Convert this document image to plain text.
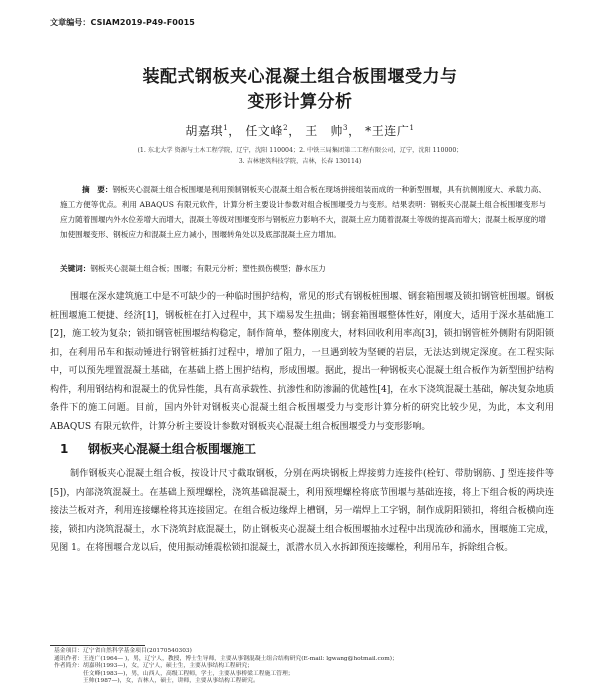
文章编号：CSIAM2019-P49-F0015
装配式钢板夹心混凝土组合板围堰受力与
变形计算分析
胡嘉琪$^1$， 任文峰$^2$， 王　帅$^3$， *王连广$^1$
(1. 东北大学 资源与土木工程学院，辽宁，沈阳 110004；2. 中铁三局集团第二工程有限公司，辽宁，沈阳 110000；
3. 吉林建筑科技学院，吉林，长春 130114)
摘　要：钢板夹心混凝土组合板围堰是利用预制钢板夹心混凝土组合板在现场拼接组装而成的一种新型围堰，具有抗侧刚度大、承载力高、施工方便等优点。利用 ABAQUS 有限元软件，计算分析主要设计参数对组合板围堰受力与变形。结果表明：钢板夹心混凝土组合板围堰变形与应力随着围堰内外水位差增大而增大，混凝土等级对围堰变形与钢板应力影响不大，混凝土应力随着混凝土等级的提高而增大；混凝土板厚度的增加使围堰变形、钢板应力和混凝土应力减小，围堰转角处以及底部混凝土应力增加。
关键词：钢板夹心混凝土组合板；围堰；有限元分析；塑性损伤模型；静水压力
围堰在深水建筑施工中是不可缺少的一种临时围护结构，常见的形式有钢板桩围堰、钢套箱围堰及锁扣钢管桩围堰。钢板桩围堰施工便捷、经济[1]，钢板桩在打入过程中，其下端易发生扭曲；钢套箱围堰整体性好，刚度大，适用于深水基础施工[2]，施工较为复杂；锁扣钢管桩围堰结构稳定，制作简单，整体刚度大，材料回收利用率高[3]，锁扣钢管桩外侧附有阴阳锁扣，在利用吊车和振动锤进行钢管桩插打过程中，增加了阻力，一旦遇到较为坚硬的岩层，无法达到规定深度。在工程实际中，可以预先埋置混凝土基础，在基础上搭上围护结构，形成围堰。据此，提出一种钢板夹心混凝土组合板作为新型围护结构构件，利用钢结构和混凝土的优异性能，具有高承载性、抗渗性和防渗漏的优越性[4]，在水下浇筑混凝土基础，解决复杂地质条件下的施工问题。目前，国内外针对钢板夹心混凝土组合板围堰受力与变形计算分析的研究比较少见，为此，本文利用 ABAQUS 有限元软件，计算分析主要设计参数对钢板夹心混凝土组合板围堰受力与变形影响。
1 钢板夹心混凝土组合板围堰施工
制作钢板夹心混凝土组合板，按设计尺寸截取钢板，分别在两块钢板上焊接剪力连接件(栓钉、带肋钢筋、J 型连接件等[5])，内部浇筑混凝土。在基础上预埋螺栓，浇筑基础混凝土，利用预埋螺栓将底节围堰与基础连接，将上下组合板的两块连接法兰板对齐，利用连接螺栓将其连接固定。在组合板边缘焊上槽钢，另一端焊上工字钢，制作成阴阳锁扣，将组合板横向连接，锁扣内浇筑混凝土，水下浇筑封底混凝土，防止钢板夹心混凝土组合板围堰抽水过程中出现流砂和涌水，围堰施工完成，见图 1。在将围堰合龙以后，使用振动锤震松锁扣混凝土，派潜水员入水拆卸预连接螺栓，利用吊车，拆除组合板。
基金项目：辽宁省自然科学基金项目(20170540303)
通讯作者：王连广(1964— )，男，辽宁人，教授，博士生导师，主要从事钢混凝土组合结构研究(E-mail: lgwang@hotmail.com)；
作者简介：胡嘉琪(1993—)，女，辽宁人，硕士生，主要从事结构工程研究；
　　　　　任文峰(1983—)，男，山西人，高级工程师，学士，主要从事桥梁工程施工管理；
　　　　　王帅(1987—)，女，吉林人，硕士，讲师，主要从事结构工程研究。
